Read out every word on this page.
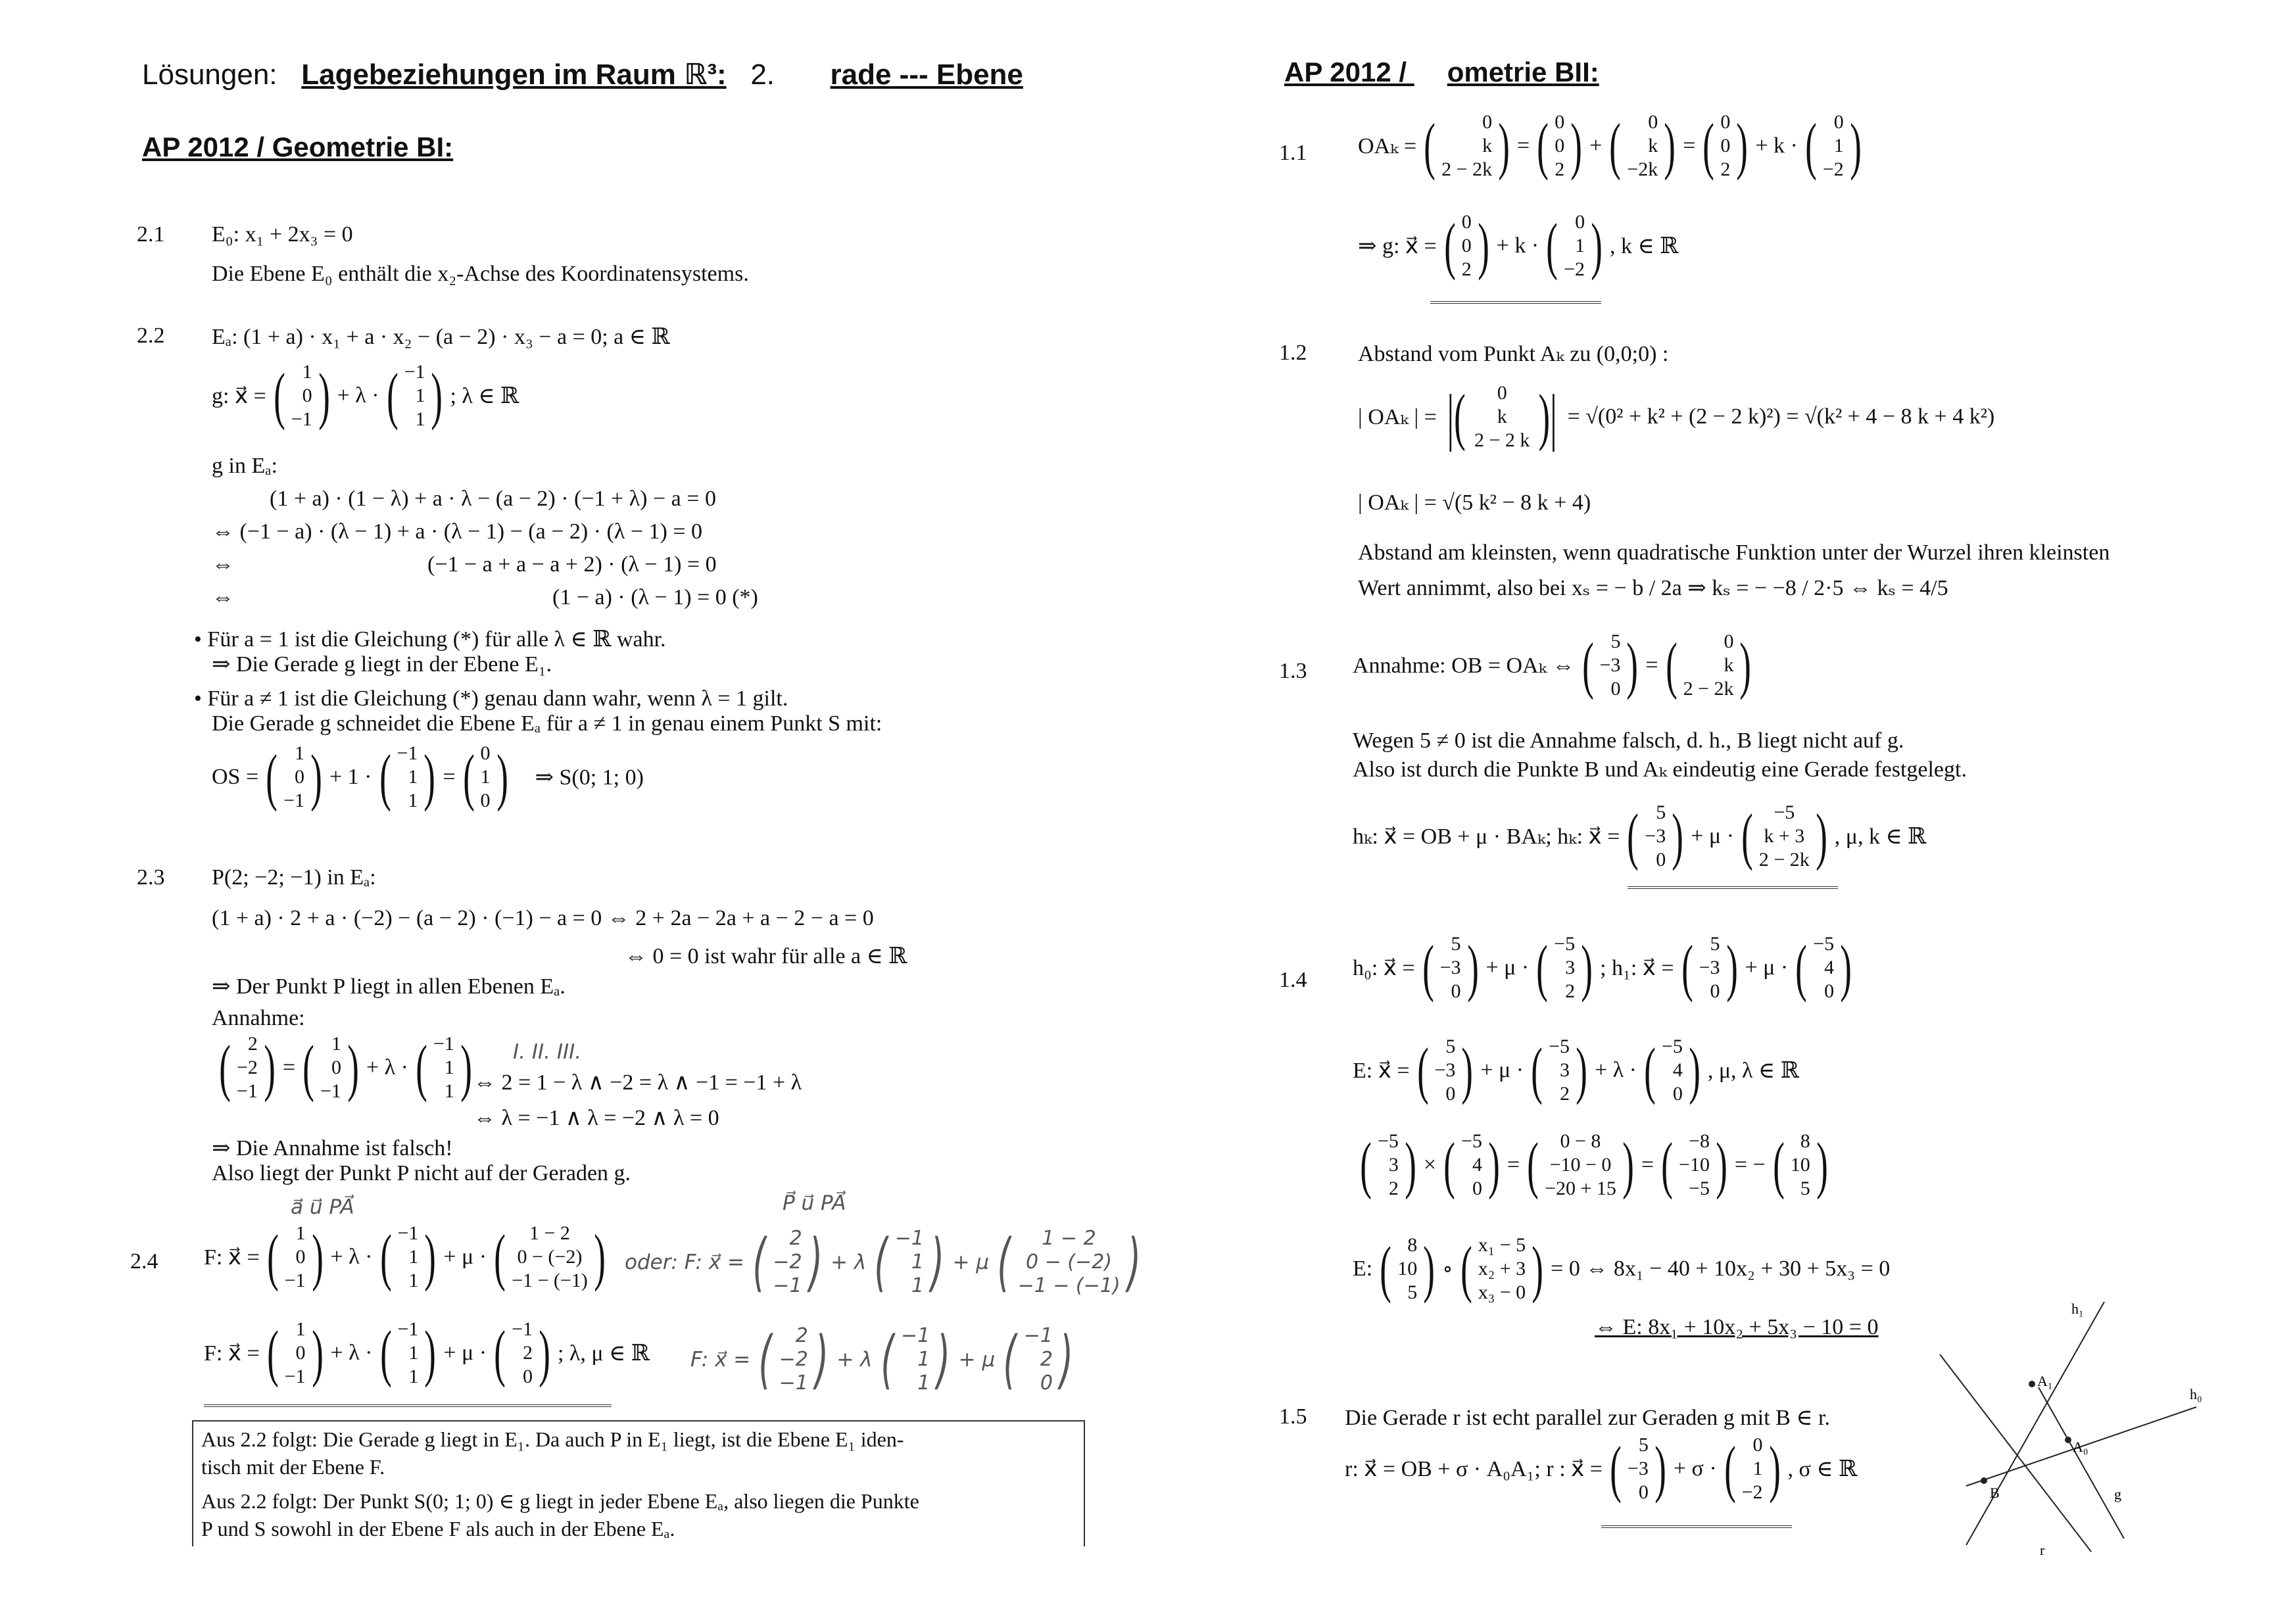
Lösungen: Lagebeziehungen im Raum ℝ³: 2. rade --- Ebene
AP 2012 / Geometrie BI:
2.1 E₀: x₁ + 2x₃ = 0
Die Ebene E₀ enthält die x₂-Achse des Koordinatensystems.
2.2 Eₐ: (1 + a) · x₁ + a · x₂ − (a − 2) · x₃ − a = 0; a ∈ ℝ
g: x⃗ = ( 1
0
−1 ) + λ · ( −1
1
1 ) ; λ ∈ ℝ
g in Eₐ:
(1 + a) · (1 − λ) + a · λ − (a − 2) · (−1 + λ) − a = 0
⇔ (−1 − a) · (λ − 1) + a · (λ − 1) − (a − 2) · (λ − 1) = 0
⇔	(−1 − a + a − a + 2) · (λ − 1) = 0
⇔	(1 − a) · (λ − 1) = 0 (*)
• Für a = 1 ist die Gleichung (*) für alle λ ∈ ℝ wahr.
⇒ Die Gerade g liegt in der Ebene E₁.
• Für a ≠ 1 ist die Gleichung (*) genau dann wahr, wenn λ = 1 gilt.
Die Gerade g schneidet die Ebene Eₐ für a ≠ 1 in genau einem Punkt S mit:
OS = ( 1
0
−1 ) + 1 · ( −1
1
1 ) = ( 0
1
0 ) ⇒ S(0; 1; 0)
2.3 P(2; −2; −1) in Eₐ:
(1 + a) · 2 + a · (−2) − (a − 2) · (−1) − a = 0 ⇔ 2 + 2a − 2a + a − 2 − a = 0
⇔ 0 = 0 ist wahr für alle a ∈ ℝ
⇒ Der Punkt P liegt in allen Ebenen Eₐ.
Annahme:
( 2
−2
−1 ) = ( 1
0
−1 ) + λ · ( −1
1
1 ) I. II. III.
⇔ 2 = 1 − λ ∧ −2 = λ ∧ −1 = −1 + λ
⇔ λ = −1 ∧ λ = −2 ∧ λ = 0
⇒ Die Annahme ist falsch!
Also liegt der Punkt P nicht auf der Geraden g.
a⃗ u⃗ PA⃗
2.4 F: x⃗ = ( 1
0
−1 ) + λ · ( −1
1
1 ) + μ · ( 1 − 2
0 − (−2)
−1 − (−1) )
P⃗ u⃗ PA⃗
oder: F: x⃗ = ( 2
−2
−1 ) + λ ( −1
1
1 ) + μ ( 1 − 2
0 − (−2)
−1 − (−1) )
F: x⃗ = ( 1
0
−1 ) + λ · ( −1
1
1 ) + μ · ( −1
2
0 ) ; λ, μ ∈ ℝ F: x⃗ = ( 2
−2
−1 ) + λ ( −1
1
1 ) + μ ( −1
2
0 )
Aus 2.2 folgt: Die Gerade g liegt in E₁. Da auch P in E₁ liegt, ist die Ebene E₁ iden-
tisch mit der Ebene F.
Aus 2.2 folgt: Der Punkt S(0; 1; 0) ∈ g liegt in jeder Ebene Eₐ, also liegen die Punkte
P und S sowohl in der Ebene F als auch in der Ebene Eₐ.
AP 2012 / ometrie BII:
1.1 OAₖ = ( 0
k
2 − 2k ) = ( 0
0
2 ) + ( 0
k
−2k ) = ( 0
0
2 ) + k · ( 0
1
−2 )
⇒ g: x⃗ = ( 0
0
2 ) + k · ( 0
1
−2 ) , k ∈ ℝ
1.2 Abstand vom Punkt Aₖ zu (0,0;0) :
| OAₖ | = |( 0
k
2 − 2 k )| = √(0² + k² + (2 − 2 k)²) = √(k² + 4 − 8 k + 4 k²)
| OAₖ | = √(5 k² − 8 k + 4)
Abstand am kleinsten, wenn quadratische Funktion unter der Wurzel ihren kleinsten
Wert annimmt, also bei xₛ = − b / 2a ⇒ kₛ = − −8 / 2·5 ⇔ kₛ = 4/5
1.3 Annahme: OB = OAₖ ⇔ ( 5
−3
0 ) = ( 0
k
2 − 2k )
Wegen 5 ≠ 0 ist die Annahme falsch, d. h., B liegt nicht auf g.
Also ist durch die Punkte B und Aₖ eindeutig eine Gerade festgelegt.
hₖ: x⃗ = OB + μ · BAₖ; hₖ: x⃗ = ( 5
−3
0 ) + μ · ( −5
k + 3
2 − 2k ) , μ, k ∈ ℝ
1.4 h₀: x⃗ = ( 5
−3
0 ) + μ · ( −5
3
2 ) ; h₁: x⃗ = ( 5
−3
0 ) + μ · ( −5
4
0 )
E: x⃗ = ( 5
−3
0 ) + μ · ( −5
3
2 ) + λ · ( −5
4
0 ) , μ, λ ∈ ℝ
( −5
3
2 ) × ( −5
4
0 ) = ( 0 − 8
−10 − 0
−20 + 15 ) = ( −8
−10
−5 ) = − ( 8
10
5 )
E: ( 8
10
5 ) ∘ ( x₁ − 5
x₂ + 3
x₃ − 0 ) = 0 ⇔ 8x₁ − 40 + 10x₂ + 30 + 5x₃ = 0
⇔ E: 8x₁ + 10x₂ + 5x₃ − 10 = 0
1.5 Die Gerade r ist echt parallel zur Geraden g mit B ∈ r.
r: x⃗ = OB + σ · A₀A₁; r : x⃗ = ( 5
−3
0 ) + σ · ( 0
1
−2 ) , σ ∈ ℝ
h₁
h₀
A₁
A₀
B	g
r
